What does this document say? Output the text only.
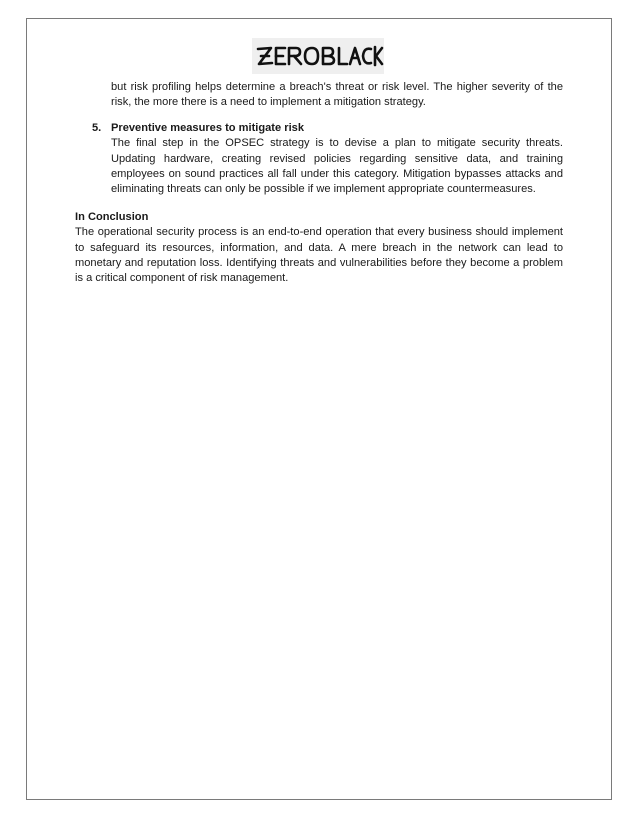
but risk profiling helps determine a breach's threat or risk level. The higher severity of the risk, the more there is a need to implement a mitigation strategy.

5. Preventive measures to mitigate risk

The final step in the OPSEC strategy is to devise a plan to mitigate security threats. Updating hardware, creating revised policies regarding sensitive data, and training employees on sound practices all fall under this category. Mitigation bypasses attacks and eliminating threats can only be possible if we implement appropriate countermeasures.

In Conclusion

The operational security process is an end-to-end operation that every business should implement to safeguard its resources, information, and data. A mere breach in the network can lead to monetary and reputation loss. Identifying threats and vulnerabilities before they become a problem is a critical component of risk management.
